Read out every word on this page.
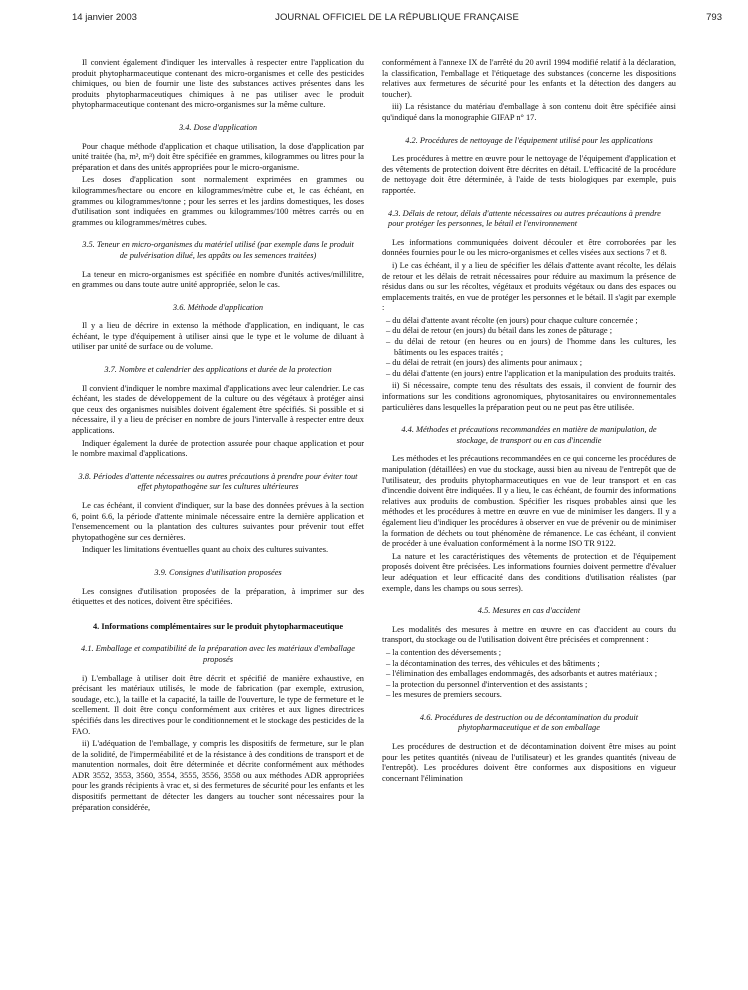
14 janvier 2003	JOURNAL OFFICIEL DE LA RÉPUBLIQUE FRANÇAISE	793

Il convient également d'indiquer les intervalles à respecter entre l'application du produit phytopharmaceutique contenant des micro-organismes et celle des pesticides chimiques, ou bien de fournir une liste des substances actives présentes dans les produits phytopharmaceutiques chimiques à ne pas utiliser avec le produit phytopharmaceutique contenant des micro-organismes sur la même culture.

3.4. Dose d'application

Pour chaque méthode d'application et chaque utilisation, la dose d'application par unité traitée (ha, m², m³) doit être spécifiée en grammes, kilogrammes ou litres pour la préparation et dans des unités appropriées pour le micro-organisme.

Les doses d'application sont normalement exprimées en grammes ou kilogrammes/hectare ou encore en kilogrammes/mètre cube et, le cas échéant, en grammes ou kilogrammes/tonne ; pour les serres et les jardins domestiques, les doses d'utilisation sont indiquées en grammes ou kilogrammes/100 mètres carrés ou en grammes ou kilogrammes/mètres cubes.

3.5. Teneur en micro-organismes du matériel utilisé (par exemple dans le produit de pulvérisation dilué, les appâts ou les semences traitées)

La teneur en micro-organismes est spécifiée en nombre d'unités actives/millilitre, en grammes ou dans toute autre unité appropriée, selon le cas.

3.6. Méthode d'application

Il y a lieu de décrire in extenso la méthode d'application, en indiquant, le cas échéant, le type d'équipement à utiliser ainsi que le type et le volume de diluant à utiliser par unité de surface ou de volume.

3.7. Nombre et calendrier des applications et durée de la protection

Il convient d'indiquer le nombre maximal d'applications avec leur calendrier. Le cas échéant, les stades de développement de la culture ou des végétaux à protéger ainsi que ceux des organismes nuisibles doivent également être spécifiés. Si possible et si nécessaire, il y a lieu de préciser en nombre de jours l'intervalle à respecter entre deux applications.

Indiquer également la durée de protection assurée pour chaque application et pour le nombre maximal d'applications.

3.8. Périodes d'attente nécessaires ou autres précautions à prendre pour éviter tout effet phytopathogène sur les cultures ultérieures

Le cas échéant, il convient d'indiquer, sur la base des données prévues à la section 6, point 6.6, la période d'attente minimale nécessaire entre la dernière application et l'ensemencement ou la plantation des cultures suivantes pour prévenir tout effet phytopathogène sur ces dernières.

Indiquer les limitations éventuelles quant au choix des cultures suivantes.

3.9. Consignes d'utilisation proposées

Les consignes d'utilisation proposées de la préparation, à imprimer sur des étiquettes et des notices, doivent être spécifiées.

4. Informations complémentaires sur le produit phytopharmaceutique
4.1. Emballage et compatibilité de la préparation avec les matériaux d'emballage proposés

i) L'emballage à utiliser doit être décrit et spécifié de manière exhaustive, en précisant les matériaux utilisés, le mode de fabrication (par exemple, extrusion, soudage, etc.), la taille et la capacité, la taille de l'ouverture, le type de fermeture et le scellement. Il doit être conçu conformément aux critères et aux lignes directrices spécifiés dans les directives pour le conditionnement et le stockage des pesticides de la FAO.

ii) L'adéquation de l'emballage, y compris les dispositifs de fermeture, sur le plan de la solidité, de l'imperméabilité et de la résistance à des conditions de transport et de manutention normales, doit être déterminée et décrite conformément aux méthodes ADR 3552, 3553, 3560, 3554, 3555, 3556, 3558 ou aux méthodes ADR appropriées pour les grands récipients à vrac et, si des fermetures de sécurité pour les enfants et les dispositifs permettant de détecter les dangers au toucher sont nécessaires pour la préparation considérée,

conformément à l'annexe IX de l'arrêté du 20 avril 1994 modifié relatif à la déclaration, la classification, l'emballage et l'étiquetage des substances (concerne les dispositions relatives aux fermetures de sécurité pour les enfants et la détection des dangers au toucher).

iii) La résistance du matériau d'emballage à son contenu doit être spécifiée ainsi qu'indiqué dans la monographie GIFAP n° 17.

4.2. Procédures de nettoyage de l'équipement utilisé pour les applications

Les procédures à mettre en œuvre pour le nettoyage de l'équipement d'application et des vêtements de protection doivent être décrites en détail. L'efficacité de la procédure de nettoyage doit être déterminée, à l'aide de tests biologiques par exemple, puis rapportée.

4.3. Délais de retour, délais d'attente nécessaires ou autres précautions à prendre pour protéger les personnes, le bétail et l'environnement

Les informations communiquées doivent découler et être corroborées par les données fournies pour le ou les micro-organismes et celles visées aux sections 7 et 8.

i) Le cas échéant, il y a lieu de spécifier les délais d'attente avant récolte, les délais de retour et les délais de retrait nécessaires pour réduire au maximum la présence de résidus dans ou sur les récoltes, végétaux et produits végétaux ou dans des espaces ou emplacements traités, en vue de protéger les personnes et le bétail. Il s'agit par exemple :

– du délai d'attente avant récolte (en jours) pour chaque culture concernée ;
– du délai de retour (en jours) du bétail dans les zones de pâturage ;
– du délai de retour (en heures ou en jours) de l'homme dans les cultures, les bâtiments ou les espaces traités ;
– du délai de retrait (en jours) des aliments pour animaux ;
– du délai d'attente (en jours) entre l'application et la manipulation des produits traités.

ii) Si nécessaire, compte tenu des résultats des essais, il convient de fournir des informations sur les conditions agronomiques, phytosanitaires ou environnementales particulières dans lesquelles la préparation peut ou ne peut pas être utilisée.

4.4. Méthodes et précautions recommandées en matière de manipulation, de stockage, de transport ou en cas d'incendie

Les méthodes et les précautions recommandées en ce qui concerne les procédures de manipulation (détaillées) en vue du stockage, aussi bien au niveau de l'entrepôt que de l'utilisateur, des produits phytopharmaceutiques en vue de leur transport et en cas d'incendie doivent être indiquées. Il y a lieu, le cas échéant, de fournir des informations relatives aux produits de combustion. Spécifier les risques probables ainsi que les méthodes et les procédures à mettre en œuvre en vue de minimiser les dangers. Il y a également lieu d'indiquer les procédures à observer en vue de prévenir ou de minimiser la formation de déchets ou tout phénomène de rémanence. Le cas échéant, il convient de procéder à une évaluation conformément à la norme ISO TR 9122.

La nature et les caractéristiques des vêtements de protection et de l'équipement proposés doivent être précisées. Les informations fournies doivent permettre d'évaluer leur adéquation et leur efficacité dans des conditions d'utilisation réalistes (par exemple, dans les champs ou sous serres).

4.5. Mesures en cas d'accident

Les modalités des mesures à mettre en œuvre en cas d'accident au cours du transport, du stockage ou de l'utilisation doivent être précisées et comprennent :

– la contention des déversements ;
– la décontamination des terres, des véhicules et des bâtiments ;
– l'élimination des emballages endommagés, des adsorbants et autres matériaux ;
– la protection du personnel d'intervention et des assistants ;
– les mesures de premiers secours.
4.6. Procédures de destruction ou de décontamination du produit phytopharmaceutique et de son emballage

Les procédures de destruction et de décontamination doivent être mises au point pour les petites quantités (niveau de l'utilisateur) et les grandes quantités (niveau de l'entrepôt). Les procédures doivent être conformes aux dispositions en vigueur concernant l'élimination
